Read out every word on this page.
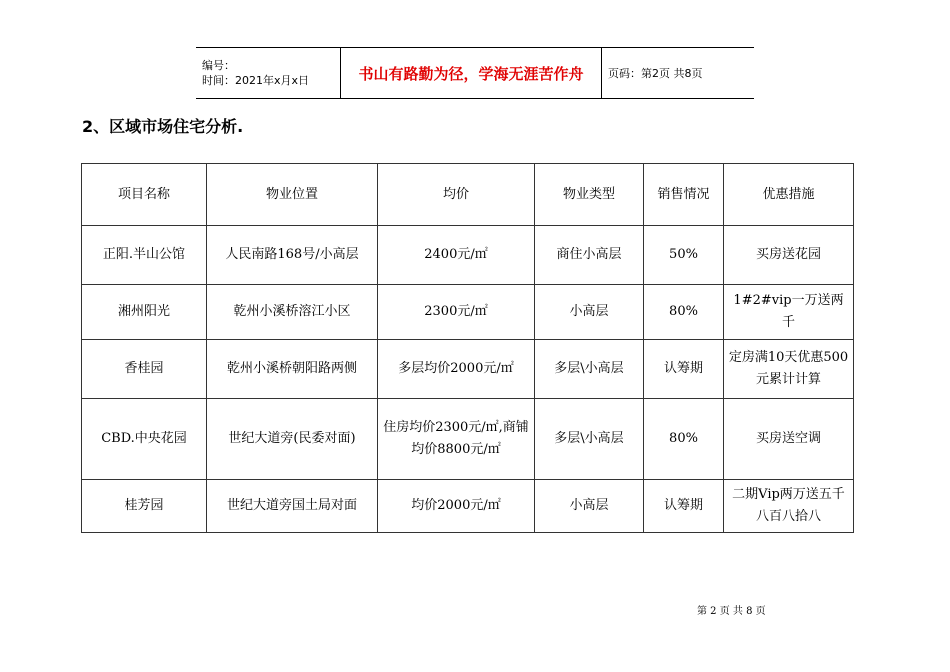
编号：
时间：2021年x月x日	书山有路勤为径，学海无涯苦作舟	页码：第2页 共8页
2、区域市场住宅分析.
项目名称	物业位置	均价	物业类型	销售情况	优惠措施
正阳.半山公馆	人民南路168号/小高层	2400元/㎡	商住小高层	50%	买房送花园
湘州阳光	乾州小溪桥溶江小区	2300元/㎡	小高层	80%	1#2#vip一万送两千
香桂园	乾州小溪桥朝阳路两侧	多层均价2000元/㎡	多层\小高层	认筹期	定房满10天优惠500元累计计算
CBD.中央花园	世纪大道旁(民委对面)	住房均价2300元/㎡,商铺均价8800元/㎡	多层\小高层	80%	买房送空调
桂芳园	世纪大道旁国土局对面	均价2000元/㎡	小高层	认筹期	二期Vip两万送五千八百八拾八
第 2 页 共 8 页
